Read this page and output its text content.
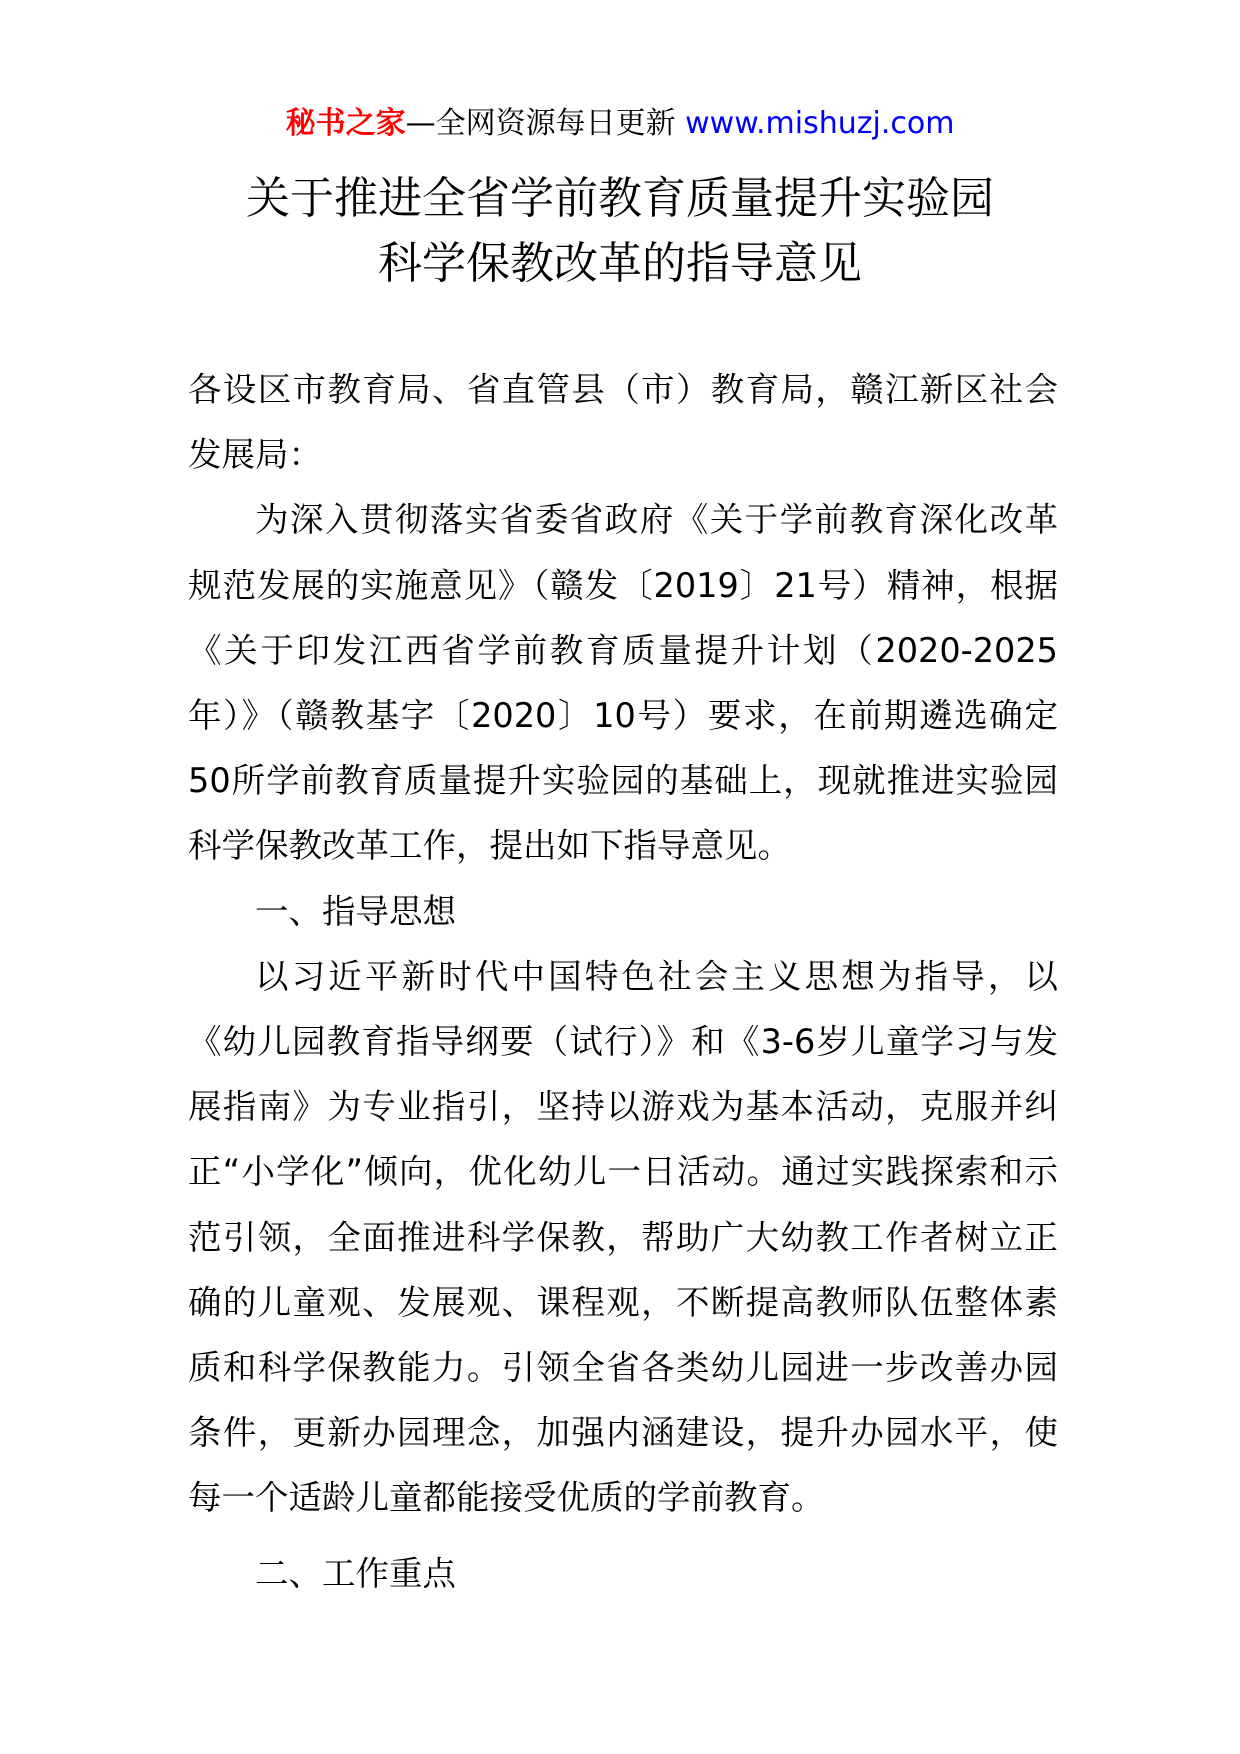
秘书之家—全网资源每日更新 www.mishuzj.com
关于推进全省学前教育质量提升实验园
科学保教改革的指导意见

各设区市教育局、省直管县（市）教育局，赣江新区社会发展局：

为深入贯彻落实省委省政府《关于学前教育深化改革规范发展的实施意见》（赣发〔2019〕21号）精神，根据《关于印发江西省学前教育质量提升计划（2020-2025年）》（赣教基字〔2020〕10号）要求，在前期遴选确定50所学前教育质量提升实验园的基础上，现就推进实验园科学保教改革工作，提出如下指导意见。

一、指导思想

以习近平新时代中国特色社会主义思想为指导，以《幼儿园教育指导纲要（试行）》和《3-6岁儿童学习与发展指南》为专业指引，坚持以游戏为基本活动，克服并纠正“小学化”倾向，优化幼儿一日活动。通过实践探索和示范引领，全面推进科学保教，帮助广大幼教工作者树立正确的儿童观、发展观、课程观，不断提高教师队伍整体素质和科学保教能力。引领全省各类幼儿园进一步改善办园条件，更新办园理念，加强内涵建设，提升办园水平，使每一个适龄儿童都能接受优质的学前教育。

二、工作重点
